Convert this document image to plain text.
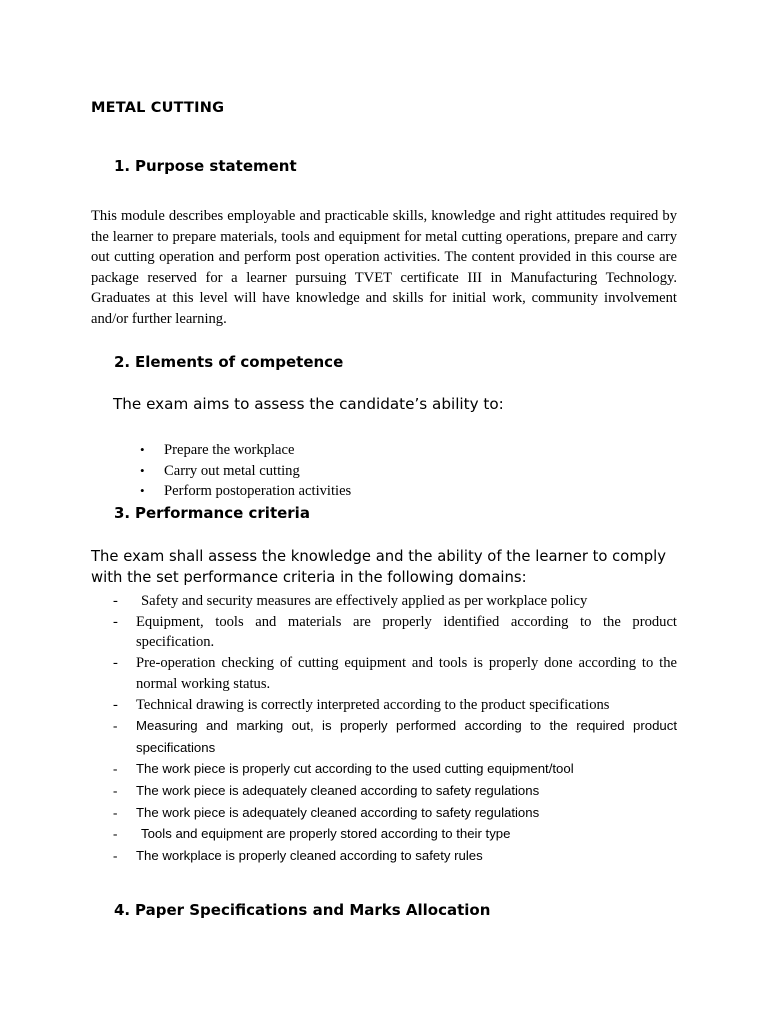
METAL CUTTING
1. Purpose statement
This module describes employable and practicable skills, knowledge and right attitudes required by the learner to prepare materials, tools and equipment for metal cutting operations, prepare and carry out cutting operation and perform post operation activities. The content provided in this course are package reserved for a learner pursuing TVET certificate III in Manufacturing Technology. Graduates at this level will have knowledge and skills for initial work, community involvement and/or further learning.
2. Elements of competence
The exam aims to assess the candidate’s ability to:
• Prepare the workplace
• Carry out metal cutting
• Perform postoperation activities
3. Performance criteria
The exam shall assess the knowledge and the ability of the learner to comply
with the set performance criteria in the following domains:
- Safety and security measures are effectively applied as per workplace policy
- Equipment, tools and materials are properly identified according to the product specification.
- Pre-operation checking of cutting equipment and tools is properly done according to the normal working status.
- Technical drawing is correctly interpreted according to the product specifications
- Measuring and marking out, is properly performed according to the required product specifications
- The work piece is properly cut according to the used cutting equipment/tool
- The work piece is adequately cleaned according to safety regulations
- The work piece is adequately cleaned according to safety regulations
- Tools and equipment are properly stored according to their type
- The workplace is properly cleaned according to safety rules
4. Paper Specifications and Marks Allocation
